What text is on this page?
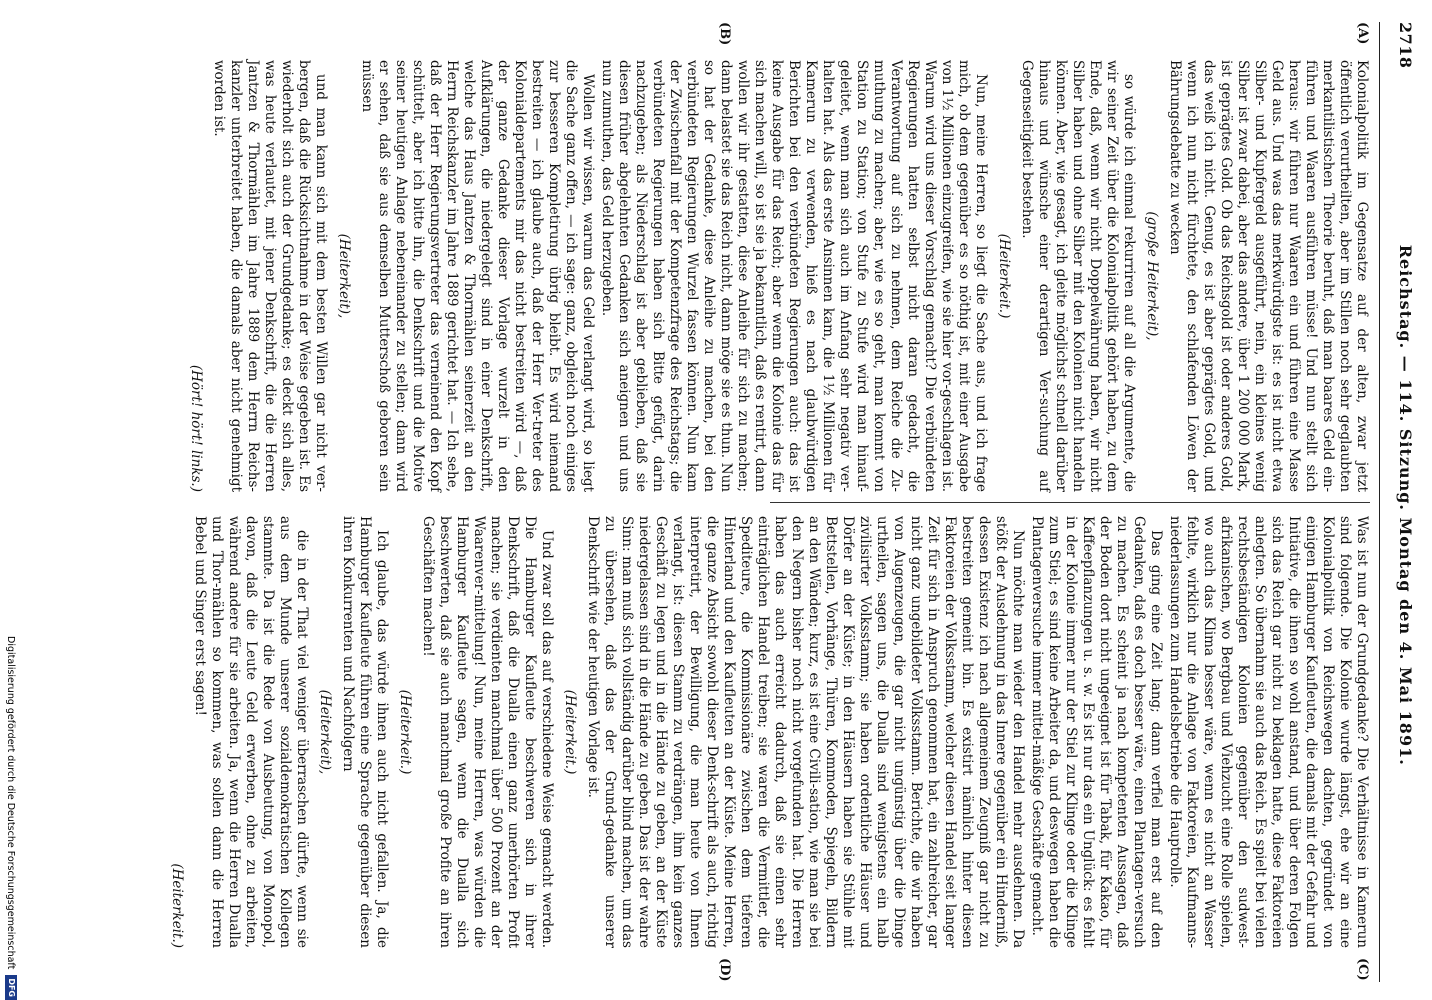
2718
Reichstag. — 114. Sitzung. Montag den 4. Mai 1891.
(A)
(B)
(C)
(D)

Kolonialpolitik im Gegensatze auf der alten, zwar jetzt öffentlich verurtheilten, aber im Stillen noch sehr geglaubten merkantilistischen Theorie beruht, daß man baares Geld ein-führen und Waaren ausführen müsse! Und nun stellt sich heraus: wir führen nur Waaren ein und führen eine Masse Geld aus. Und was das merkwürdigste ist: es ist nicht etwa Silber- und Kupfergeld ausgeführt, nein, ein kleines wenig Silber ist zwar dabei, aber das andere, über 1 200 000 Mark, ist geprägtes Gold. Ob das Reichsgold ist oder anderes Gold, das weiß ich nicht. Genug, es ist aber geprägtes Gold, und wenn ich nun nicht fürchtete, den schlafenden Löwen der Bährungsdebatte zu wecken

(große Heiterkeit),

so würde ich einmal rekurriren auf all die Argumente, die wir seiner Zeit über die Kolonialpolitik gehört haben, zu dem Ende, daß, wenn wir nicht Doppelwährung haben, wir nicht Silber haben und ohne Silber mit den Kolonien nicht handeln können. Aber, wie gesagt, ich gleite möglichst schnell darüber hinaus und wünsche einer derartigen Ver-suchung auf Gegenseitigkeit bestehen.

(Heiterkeit.)

Nun, meine Herren, so liegt die Sache aus, und ich frage mich, ob dem gegenüber es so nöthig ist, mit einer Ausgabe von 1½ Millionen einzugreifen, wie sie hier vor-geschlagen ist. Warum wird uns dieser Vorschlag gemacht? Die verbündeten Regierungen hatten selbst nicht daran gedacht, die Verantwortung auf sich zu nehmen, dem Reiche die Zu-muthung zu machen; aber, wie es so geht, man kommt von Station zu Station; von Stufe zu Stufe wird man hinauf-geleitet, wenn man sich auch im Anfang sehr negativ ver-halten hat. Als das erste Ansinnen kam, die 1½ Millionen für Kamerun zu verwenden, hieß es nach glaubwürdigen Berichten bei den verbündeten Regierungen auch: das ist keine Ausgabe für das Reich; aber wenn die Kolonie das für sich machen will, so ist sie ja bekanntlich, daß es rentirt, dann wollen wir ihr gestatten, diese Anleihe für sich zu machen; dann belastet sie das Reich nicht, dann möge sie es thun. Nun so hat der Gedanke, diese Anleihe zu machen, bei den verbündeten Regierungen Wurzel fassen können. Nun kam der Zwischenfall mit der Kompetenzfrage des Reichstags; die verbündeten Regierungen haben sich Bitte gefügt, darin nachzugeben; als Niederschlag ist aber geblieben, daß sie diesen früher abgelehnten Gedanken sich aneignen und uns nun zumuthen, das Geld herzugeben.

Wollen wir wissen, warum das Geld verlangt wird, so liegt die Sache ganz offen, — ich sage: ganz, obgleich noch einiges zur besseren Kompletirung übrig bleibt. Es wird niemand bestreiten — ich glaube auch, daß der Herr Ver-treter des Kolonialdepartements mir das nicht bestreiten wird —, daß der ganze Gedanke dieser Vorlage wurzelt in den Aufklärungen, die niedergelegt sind in einer Denkschrift, welche das Haus Jantzen & Thormählen seinerzeit an den Herrn Reichskanzler im Jahre 1889 gerichtet hat. — Ich sehe, daß der Herr Regierungsvertreter das verneinend den Kopf schüttelt, aber ich bitte ihn, die Denkschrift und die Motive seiner heutigen Anlage nebeneinander zu stellen; dann wird er sehen, daß sie aus demselben Mutterschoß geboren sein müssen

(Heiterkeit),

und man kann sich mit dem besten Willen gar nicht ver-bergen, daß die Rücksichtnahme in der Weise gegeben ist. Es wiederholt sich auch der Grundgedanke; es deckt sich alles, was heute verlautet, mit jener Denkschrift, die die Herren Jantzen & Thormählen im Jahre 1889 dem Herrn Reichs-kanzler unterbreitet haben, die damals aber nicht genehmigt worden ist.

(Hört! hört! links.)

Was ist nun der Grundgedanke? Die Verhältnisse in Kamerun sind folgende. Die Kolonie wurde längst, ehe wir an eine Kolonialpolitik von Reichswegen dachten, gegründet von einigen Hamburger Kaufleuten, die damals mit der Gefahr und Initiative, die ihnen so wohl anstand, und über deren Folgen sich das Reich gar nicht zu beklagen hatte, diese Faktoreien anlegten. So übernahm sie auch das Reich. Es spielt bei vielen rechtsbeständigen Kolonien gegenüber den sudwest-afrikanischen, wo Bergbau und Viehzucht eine Rolle spielen, wo auch das Klima besser wäre, wenn es nicht an Wasser fehlte, wirklich nur die Anlage von Faktoreien, Kaufmanns-niederlassungen zum Handelsbetriebe die Hauptrolle.

Das ging eine Zeit lang; dann verfiel man erst auf den Gedanken, daß es doch besser wäre, einen Plantagen-versuch zu machen. Es scheint ja nach kompetenten Aussagen, daß der Boden dort nicht ungeeignet ist für Tabak, für Kakao, für Kaffeepflanzungen u. s. w. Es ist nur das ein Unglück: es fehlt in der Kolonie immer nur der Stiel zur Klinge oder die Klinge zum Stiel; es sind keine Arbeiter da, und deswegen haben die Plantagenversuche immer mittel-mäßige Geschäfte gemacht.

Nun möchte man wieder den Handel mehr ausdehnen. Da stößt der Ausdehnung in das Innere gegenüber ein Hinderniß, dessen Existenz ich nach allgemeinem Zeugniß gar nicht zu bestreiten gemeint bin. Es existirt nämlich hinter diesen Faktoreien der Volksstamm, welcher diesen Handel seit langer Zeit für sich in Anspruch genommen hat, ein zahlreicher, gar nicht ganz ungebildeter Volksstamm. Berichte, die wir haben von Augenzeugen, die gar nicht ungünstig über die Dinge urtheilen, sagen uns, die Dualla sind wenigstens ein halb zivilisirter Volksstamm; sie haben ordentliche Häuser und Dörfer an der Küste; in den Häusern haben sie Stühle mit Bettstellen, Vorhänge, Thüren, Kommoden, Spiegeln, Bildern an den Wänden; kurz, es ist eine Civili-sation, wie man sie bei den Negern bisher noch nicht vorgefunden hat. Die Herren haben das auch erreicht dadurch, daß sie einen sehr einträglichen Handel treiben; sie waren die Vermittler, die Spediteure, die Kommissionäre zwischen dem tieferen Hinterland und den Kaufleuten an der Küste. Meine Herren, die ganze Absicht sowohl dieser Denk-schrift als auch, richtig interpretirt, der Bewilligung, die man heute von Ihnen verlangt, ist: diesen Stamm zu verdrängen, ihm kein ganzes Geschäft zu legen und in die Hände zu geben, an der Küste niedergelassen sind in die Hände zu geben. Das ist der wahre Sinn: man muß sich vollständig darüber blind machen, um das zu übersehen, daß das der Grund-gedanke unserer Denkschrift wie der heutigen Vorlage ist.

(Heiterkeit.)

Und zwar soll das auf verschiedene Weise gemacht werden. Die Hamburger Kaufleute beschweren sich in ihrer Denkschrift, daß die Dualla einen ganz unerhörten Profit machen; sie verdienten manchmal über 500 Prozent an der Waarenver-mittelung! Nun, meine Herren, was würden die Hamburger Kaufleute sagen, wenn die Dualla sich beschwerten, daß sie auch manchmal große Profite an ihren Geschäften machen!

(Heiterkeit.)

Ich glaube, das würde ihnen auch nicht gefallen. Ja, die Hamburger Kaufleute führen eine Sprache gegenüber diesen ihren Konkurrenten und Nachfolgern

(Heiterkeit),

die in der That viel weniger überraschen dürfte, wenn sie aus dem Munde unserer sozialdemokratischen Kollegen stammte. Da ist die Rede von Ausbeutung, von Monopol, davon, daß die Leute Geld erwerben, ohne zu arbeiten, während andere für sie arbeiten. Ja, wenn die Herren Dualla und Thor-mählen so kommen, was sollen dann die Herren Bebel und Singer erst sagen!

(Heiterkeit.)

Digitalisierung gefördert durch die Deutsche Forschungsgemeinschaft
DFG
